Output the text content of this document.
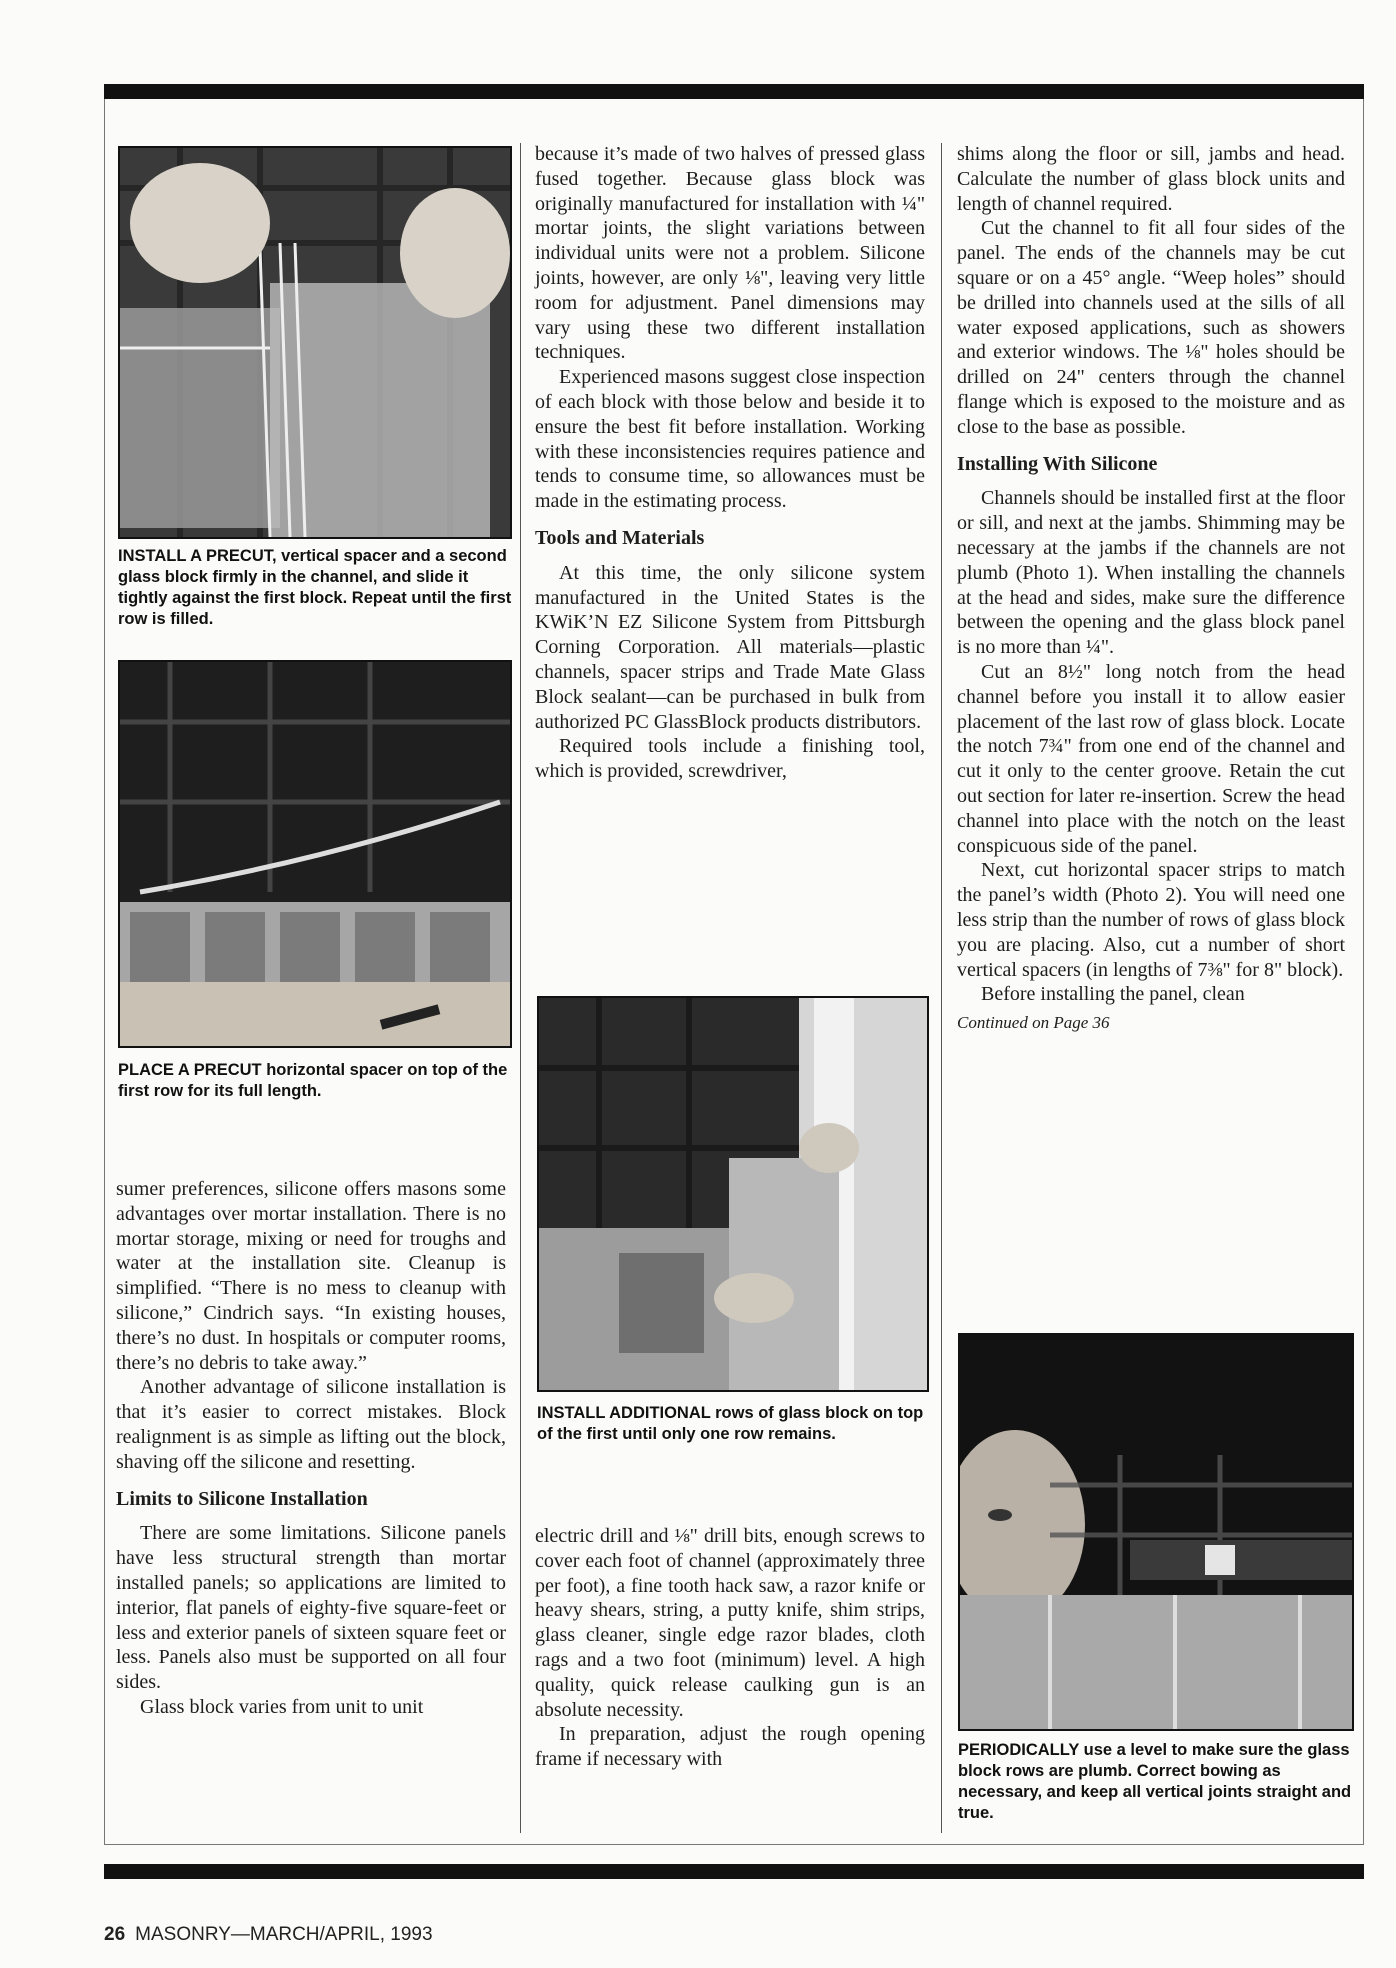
INSTALL A PRECUT, vertical spacer and a second glass block firmly in the channel, and slide it tightly against the first block. Repeat until the first row is filled.
PLACE A PRECUT horizontal spacer on top of the first row for its full length.

sumer preferences, silicone offers masons some advantages over mortar installation. There is no mortar storage, mixing or need for troughs and water at the installation site. Cleanup is simplified. “There is no mess to cleanup with silicone,” Cindrich says. “In existing houses, there’s no dust. In hospitals or computer rooms, there’s no debris to take away.”

Another advantage of silicone installation is that it’s easier to correct mistakes. Block realignment is as simple as lifting out the block, shaving off the silicone and resetting.

Limits to Silicone Installation

There are some limitations. Silicone panels have less structural strength than mortar installed panels; so applications are limited to interior, flat panels of eighty-five square-feet or less and exterior panels of sixteen square feet or less. Panels also must be supported on all four sides.

Glass block varies from unit to unit

because it’s made of two halves of pressed glass fused together. Because glass block was originally manufactured for installation with ¼" mortar joints, the slight variations between individual units were not a problem. Silicone joints, however, are only ⅛", leaving very little room for adjustment. Panel dimensions may vary using these two different installation techniques.

Experienced masons suggest close inspection of each block with those below and beside it to ensure the best fit before installation. Working with these inconsistencies requires patience and tends to consume time, so allowances must be made in the estimating process.

Tools and Materials

At this time, the only silicone system manufactured in the United States is the KWiK’N EZ Silicone System from Pittsburgh Corning Corporation. All materials—plastic channels, spacer strips and Trade Mate Glass Block sealant—can be purchased in bulk from authorized PC GlassBlock products distributors.

Required tools include a finishing tool, which is provided, screwdriver,

INSTALL ADDITIONAL rows of glass block on top of the first until only one row remains.

electric drill and ⅛" drill bits, enough screws to cover each foot of channel (approximately three per foot), a fine tooth hack saw, a razor knife or heavy shears, string, a putty knife, shim strips, glass cleaner, single edge razor blades, cloth rags and a two foot (minimum) level. A high quality, quick release caulking gun is an absolute necessity.

In preparation, adjust the rough opening frame if necessary with

shims along the floor or sill, jambs and head. Calculate the number of glass block units and length of channel required.

Cut the channel to fit all four sides of the panel. The ends of the channels may be cut square or on a 45° angle. “Weep holes” should be drilled into channels used at the sills of all water exposed applications, such as showers and exterior windows. The ⅛" holes should be drilled on 24" centers through the channel flange which is exposed to the moisture and as close to the base as possible.

Installing With Silicone

Channels should be installed first at the floor or sill, and next at the jambs. Shimming may be necessary at the jambs if the channels are not plumb (Photo 1). When installing the channels at the head and sides, make sure the difference between the opening and the glass block panel is no more than ¼".

Cut an 8½" long notch from the head channel before you install it to allow easier placement of the last row of glass block. Locate the notch 7¾" from one end of the channel and cut it only to the center groove. Retain the cut out section for later re-insertion. Screw the head channel into place with the notch on the least conspicuous side of the panel.

Next, cut horizontal spacer strips to match the panel’s width (Photo 2). You will need one less strip than the number of rows of glass block you are placing. Also, cut a number of short vertical spacers (in lengths of 7⅜" for 8" block).

Before installing the panel, clean

Continued on Page 36

PERIODICALLY use a level to make sure the glass block rows are plumb. Correct bowing as necessary, and keep all vertical joints straight and true.
26 MASONRY—MARCH/APRIL, 1993
